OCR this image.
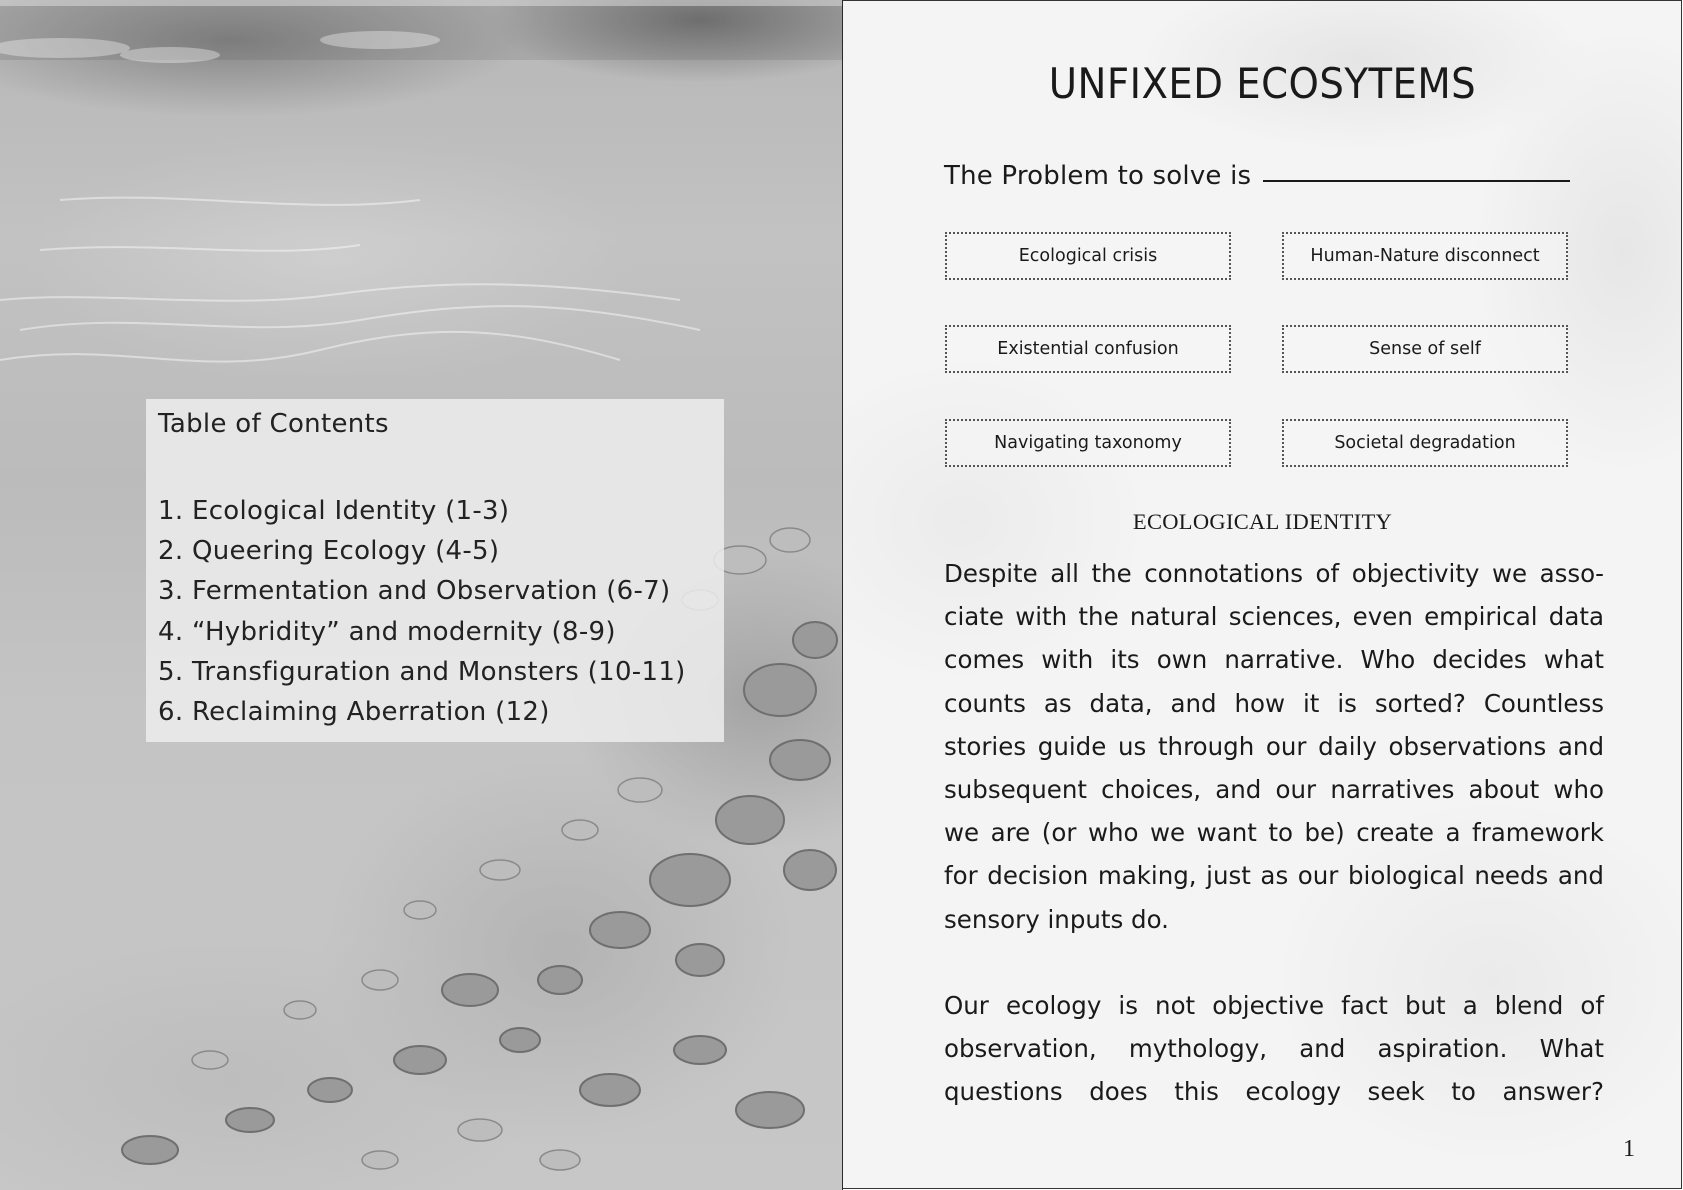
Table of Contents
1. Ecological Identity (1-3)
2. Queering Ecology (4-5)
3. Fermentation and Observation (6-7)
4. “Hybridity” and modernity (8-9)
5. Transfiguration and Monsters (10-11)
6. Reclaiming Aberration (12)
UNFIXED ECOSYTEMS
The Problem to solve is
Ecological crisis	Human-Nature disconnect
Existential confusion	Sense of self
Navigating taxonomy	Societal degradation
ECOLOGICAL IDENTITY

Despite all the connotations of objectivity we associate with the natural sciences, even empirical data comes with its own narrative. Who decides what counts as data, and how it is sorted? Countless stories guide us through our daily observations and subsequent choices, and our narratives about who we are (or who we want to be) create a framework for decision making, just as our biological needs and sensory inputs do.

Our ecology is not objective fact but a blend of observation, mythology, and aspiration. What questions does this ecology seek to answer?

1
